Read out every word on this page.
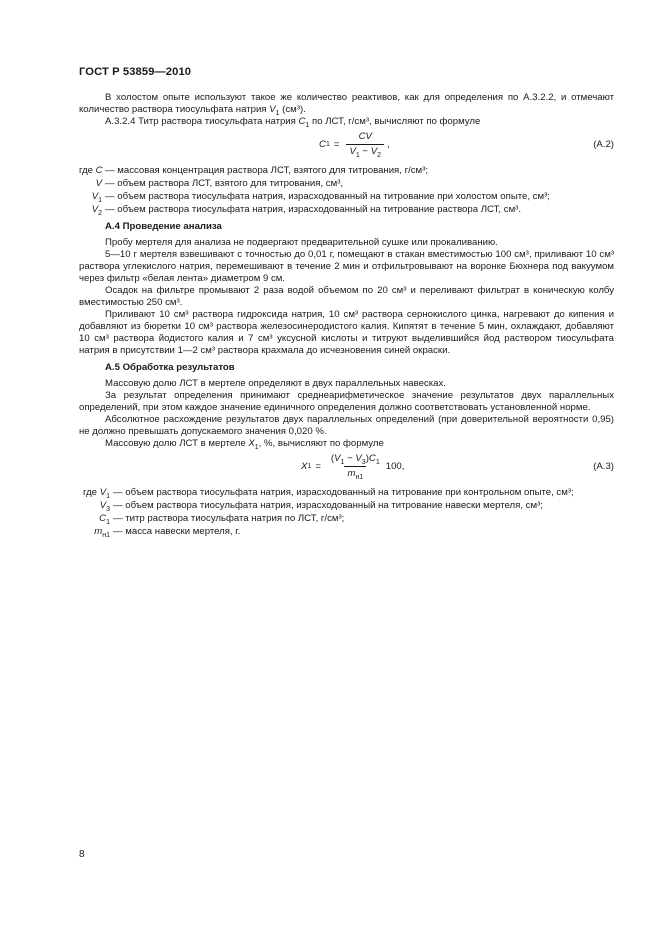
ГОСТ Р 53859—2010

В холостом опыте используют такое же количество реактивов, как для определения по А.3.2.2, и отмечают количество раствора тиосульфата натрия $V_1$ (см³).

А.3.2.4 Титр раствора тиосульфата натрия $C_1$ по ЛСТ, г/см³, вычисляют по формуле

C $1 = \frac{CV}{V_1 - V_2}$ ,	(А.2)
где C — массовая концентрация раствора ЛСТ, взятого для титрования, г/см³;
V — объем раствора ЛСТ, взятого для титрования, см³,
$V_1$ — объем раствора тиосульфата натрия, израсходованный на титрование при холостом опыте, см³;
$V_2$ — объем раствора тиосульфата натрия, израсходованный на титрование раствора ЛСТ, см³.

А.4 Проведение анализа

Пробу мертеля для анализа не подвергают предварительной сушке или прокаливанию.

5—10 г мертеля взвешивают с точностью до 0,01 г, помещают в стакан вместимостью 100 см³, приливают 10 см³ раствора углекислого натрия, перемешивают в течение 2 мин и отфильтровывают на воронке Бюхнера под вакуумом через фильтр «белая лента» диаметром 9 см.

Осадок на фильтре промывают 2 раза водой объемом по 20 см³ и переливают фильтрат в коническую колбу вместимостью 250 см³.

Приливают 10 см³ раствора гидроксида натрия, 10 см³ раствора сернокислого цинка, нагревают до кипения и добавляют из бюретки 10 см³ раствора железосинеродистого калия. Кипятят в течение 5 мин, охлаждают, добавляют 10 см³ раствора йодистого калия и 7 см³ уксусной кислоты и титруют выделившийся йод раствором тиосульфата натрия в присутствии 1—2 см³ раствора крахмала до исчезновения синей окраски.

А.5 Обработка результатов

Массовую долю ЛСТ в мертеле определяют в двух параллельных навесках.

За результат определения принимают среднеарифметическое значение результатов двух параллельных определений, при этом каждое значение единичного определения должно соответствовать установленной норме.

Абсолютное расхождение результатов двух параллельных определений (при доверительной вероятности 0,95) не должно превышать допускаемого значения 0,020 %.

Массовую долю ЛСТ в мертеле $X_1$, %, вычисляют по формуле

X $1 = \frac{(V_1 - V_3)C_1}{m_{н1}} 100$,	(А.3)
где $V_1$ — объем раствора тиосульфата натрия, израсходованный на титрование при контрольном опыте, см³;
$V_3$ — объем раствора тиосульфата натрия, израсходованный на титрование навески мертеля, см³;
$C_1$ — титр раствора тиосульфата натрия по ЛСТ, г/см³;
$m_{н1}$ — масса навески мертеля, г.
8
